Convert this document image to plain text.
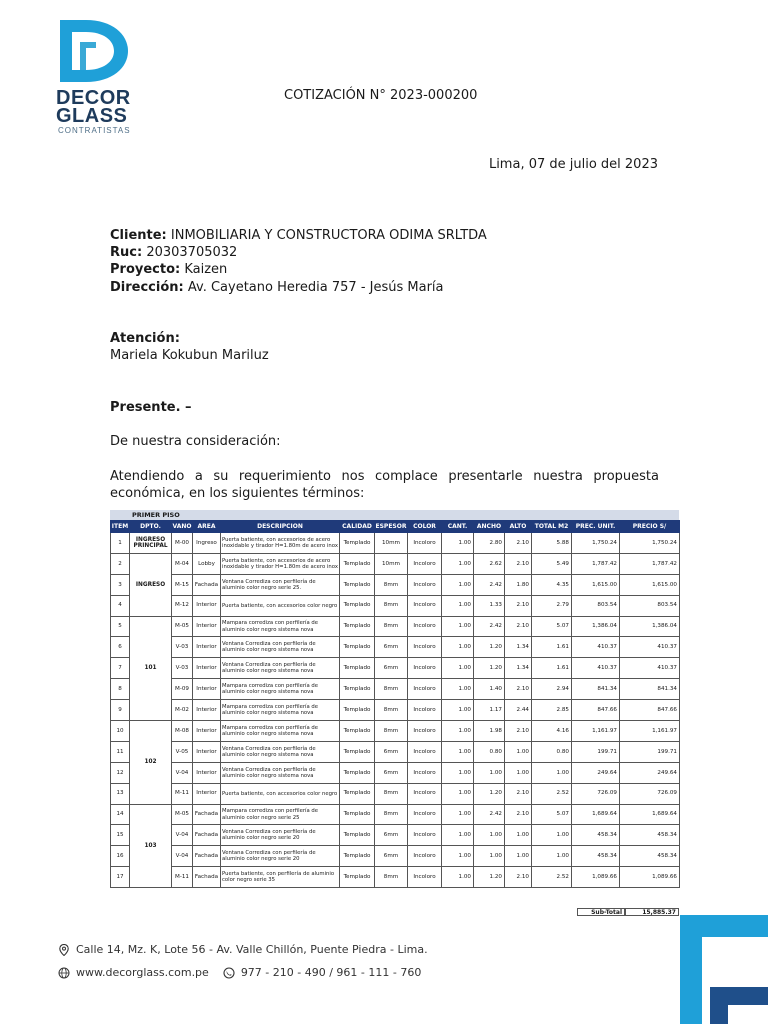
DECOR
GLASS
CONTRATISTAS
COTIZACIÓN N° 2023-000200
Lima, 07 de julio del 2023
Cliente: INMOBILIARIA Y CONSTRUCTORA ODIMA SRLTDA
Ruc: 20303705032
Proyecto: Kaizen
Dirección: Av. Cayetano Heredia 757 - Jesús María
Atención:
Mariela Kokubun Mariluz
Presente. –
De nuestra consideración:
Atendiendo a su requerimiento nos complace presentarle nuestra propuesta económica, en los siguientes términos:
PRIMER PISO
ITEM	DPTO.	VANO	AREA	DESCRIPCION	CALIDAD	ESPESOR	COLOR	CANT.	ANCHO	ALTO	TOTAL M2	PREC. UNIT.	PRECIO S/
1	INGRESO PRINCIPAL	M-00	Ingreso	Puerta batiente, con accesorios de acero inoxidable y tirador H=1.80m de acero inox	Templado	10mm	Incoloro	1.00	2.80	2.10	5.88	1,750.24	1,750.24
2	INGRESO	M-04	Lobby	Puerta batiente, con accesorios de acero inoxidable y tirador H=1.80m de acero inox	Templado	10mm	Incoloro	1.00	2.62	2.10	5.49	1,787.42	1,787.42
3		M-15	Fachada	Ventana Corrediza con perfilería de aluminio color negro serie 25.	Templado	8mm	Incoloro	1.00	2.42	1.80	4.35	1,615.00	1,615.00
4		M-12	Interior	Puerta batiente, con accesorios color negro	Templado	8mm	Incoloro	1.00	1.33	2.10	2.79	803.54	803.54
5	101	M-05	Interior	Mampara corrediza con perfilería de aluminio color negro sistema nova	Templado	8mm	Incoloro	1.00	2.42	2.10	5.07	1,386.04	1,386.04
6		V-03	Interior	Ventana Corrediza con perfilería de aluminio color negro sistema nova	Templado	6mm	Incoloro	1.00	1.20	1.34	1.61	410.37	410.37
7		V-03	Interior	Ventana Corrediza con perfilería de aluminio color negro sistema nova	Templado	6mm	Incoloro	1.00	1.20	1.34	1.61	410.37	410.37
8		M-09	Interior	Mampara corrediza con perfilería de aluminio color negro sistema nova	Templado	8mm	Incoloro	1.00	1.40	2.10	2.94	841.34	841.34
9		M-02	Interior	Mampara corrediza con perfilería de aluminio color negro sistema nova	Templado	8mm	Incoloro	1.00	1.17	2.44	2.85	847.66	847.66
10	102	M-08	Interior	Mampara corrediza con perfilería de aluminio color negro sistema nova	Templado	8mm	Incoloro	1.00	1.98	2.10	4.16	1,161.97	1,161.97
11		V-05	Interior	Ventana Corrediza con perfilería de aluminio color negro sistema nova	Templado	6mm	Incoloro	1.00	0.80	1.00	0.80	199.71	199.71
12		V-04	Interior	Ventana Corrediza con perfilería de aluminio color negro sistema nova	Templado	6mm	Incoloro	1.00	1.00	1.00	1.00	249.64	249.64
13		M-11	Interior	Puerta batiente, con accesorios color negro	Templado	8mm	Incoloro	1.00	1.20	2.10	2.52	726.09	726.09
14	103	M-05	Fachada	Mampara corrediza con perfilería de aluminio color negro serie 25	Templado	8mm	Incoloro	1.00	2.42	2.10	5.07	1,689.64	1,689.64
15		V-04	Fachada	Ventana Corrediza con perfilería de aluminio color negro serie 20	Templado	6mm	Incoloro	1.00	1.00	1.00	1.00	458.34	458.34
16		V-04	Fachada	Ventana Corrediza con perfilería de aluminio color negro serie 20	Templado	6mm	Incoloro	1.00	1.00	1.00	1.00	458.34	458.34
17		M-11	Fachada	Puerta batiente, con perfilería de aluminio color negro serie 35	Templado	8mm	Incoloro	1.00	1.20	2.10	2.52	1,089.66	1,089.66
Sub-Total	15,885.37
Calle 14, Mz. K, Lote 56 - Av. Valle Chillón, Puente Piedra - Lima.
www.decorglass.com.pe	977 - 210 - 490 / 961 - 111 - 760
